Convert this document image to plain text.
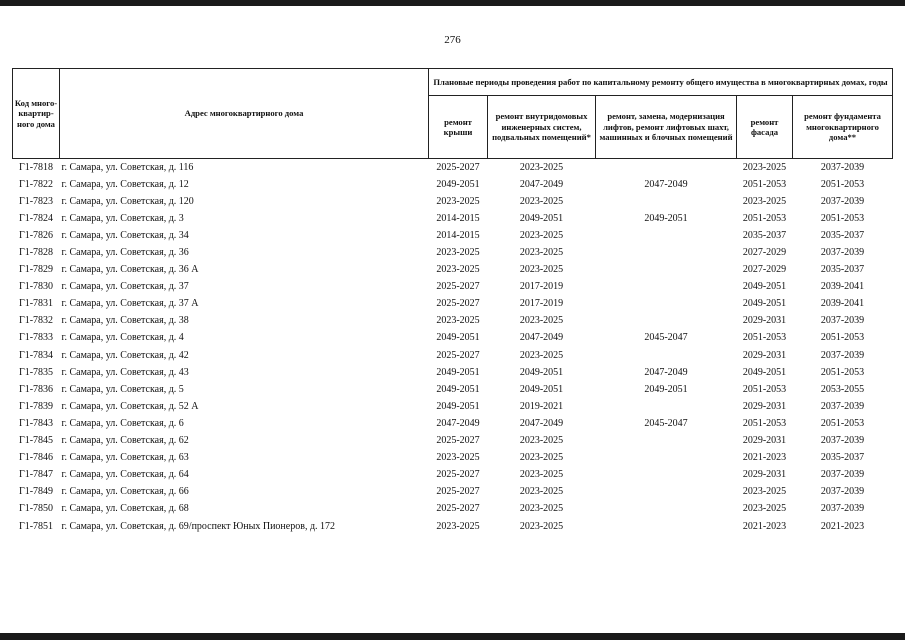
276
Код много-квартир-ного дома	Адрес многоквартирного дома	Плановые периоды проведения работ по капитальному ремонту общего имущества в многоквартирных домах, годы				
		ремонт крыши	ремонт внутридомовых инженерных систем, подвальных помещений*	ремонт, замена, модернизация лифтов, ремонт лифтовых шахт, машинных и блочных помещений	ремонт фасада	ремонт фундамента многоквартирного дома**
Г1-7818	г. Самара, ул. Советская, д. 116	2025-2027	2023-2025		2023-2025	2037-2039
Г1-7822	г. Самара, ул. Советская, д. 12	2049-2051	2047-2049	2047-2049	2051-2053	2051-2053
Г1-7823	г. Самара, ул. Советская, д. 120	2023-2025	2023-2025		2023-2025	2037-2039
Г1-7824	г. Самара, ул. Советская, д. 3	2014-2015	2049-2051	2049-2051	2051-2053	2051-2053
Г1-7826	г. Самара, ул. Советская, д. 34	2014-2015	2023-2025		2035-2037	2035-2037
Г1-7828	г. Самара, ул. Советская, д. 36	2023-2025	2023-2025		2027-2029	2037-2039
Г1-7829	г. Самара, ул. Советская, д. 36 А	2023-2025	2023-2025		2027-2029	2035-2037
Г1-7830	г. Самара, ул. Советская, д. 37	2025-2027	2017-2019		2049-2051	2039-2041
Г1-7831	г. Самара, ул. Советская, д. 37 А	2025-2027	2017-2019		2049-2051	2039-2041
Г1-7832	г. Самара, ул. Советская, д. 38	2023-2025	2023-2025		2029-2031	2037-2039
Г1-7833	г. Самара, ул. Советская, д. 4	2049-2051	2047-2049	2045-2047	2051-2053	2051-2053
Г1-7834	г. Самара, ул. Советская, д. 42	2025-2027	2023-2025		2029-2031	2037-2039
Г1-7835	г. Самара, ул. Советская, д. 43	2049-2051	2049-2051	2047-2049	2049-2051	2051-2053
Г1-7836	г. Самара, ул. Советская, д. 5	2049-2051	2049-2051	2049-2051	2051-2053	2053-2055
Г1-7839	г. Самара, ул. Советская, д. 52 А	2049-2051	2019-2021		2029-2031	2037-2039
Г1-7843	г. Самара, ул. Советская, д. 6	2047-2049	2047-2049	2045-2047	2051-2053	2051-2053
Г1-7845	г. Самара, ул. Советская, д. 62	2025-2027	2023-2025		2029-2031	2037-2039
Г1-7846	г. Самара, ул. Советская, д. 63	2023-2025	2023-2025		2021-2023	2035-2037
Г1-7847	г. Самара, ул. Советская, д. 64	2025-2027	2023-2025		2029-2031	2037-2039
Г1-7849	г. Самара, ул. Советская, д. 66	2025-2027	2023-2025		2023-2025	2037-2039
Г1-7850	г. Самара, ул. Советская, д. 68	2025-2027	2023-2025		2023-2025	2037-2039
Г1-7851	г. Самара, ул. Советская, д. 69/проспект Юных Пионеров, д. 172	2023-2025	2023-2025		2021-2023	2021-2023
